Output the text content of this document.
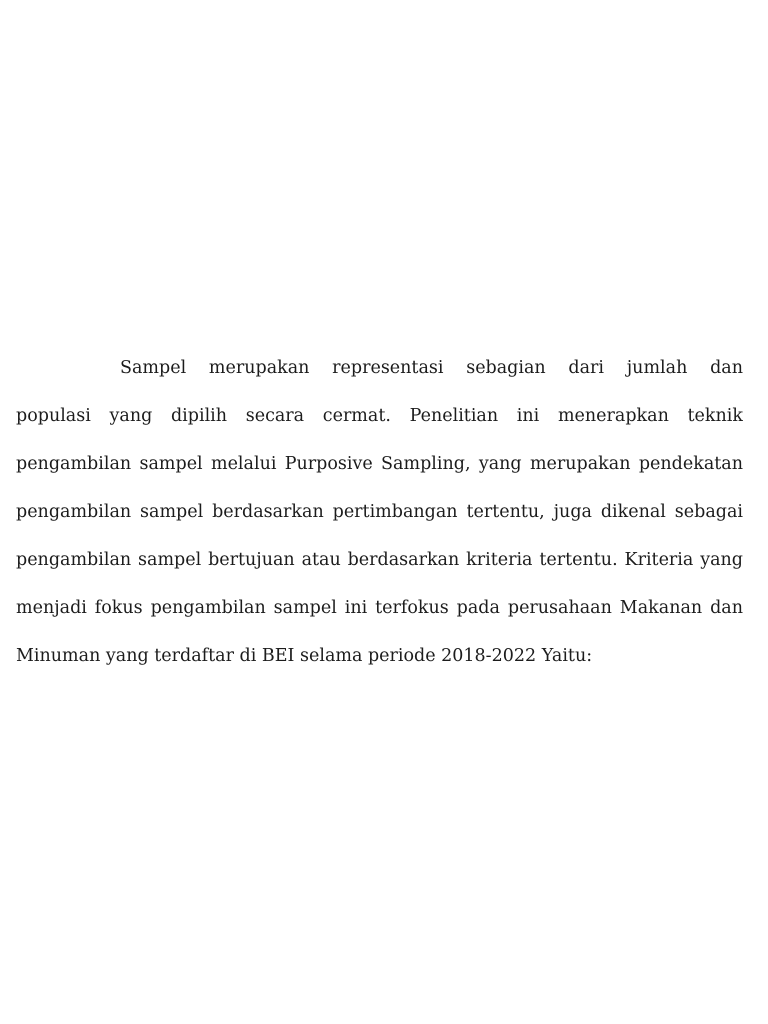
Sampel merupakan representasi sebagian dari jumlah dan
populasi yang dipilih secara cermat. Penelitian ini menerapkan teknik
pengambilan sampel melalui Purposive Sampling, yang merupakan pendekatan
pengambilan sampel berdasarkan pertimbangan tertentu, juga dikenal sebagai
pengambilan sampel bertujuan atau berdasarkan kriteria tertentu. Kriteria yang
menjadi fokus pengambilan sampel ini terfokus pada perusahaan Makanan dan
Minuman yang terdaftar di BEI selama periode 2018-2022 Yaitu:
